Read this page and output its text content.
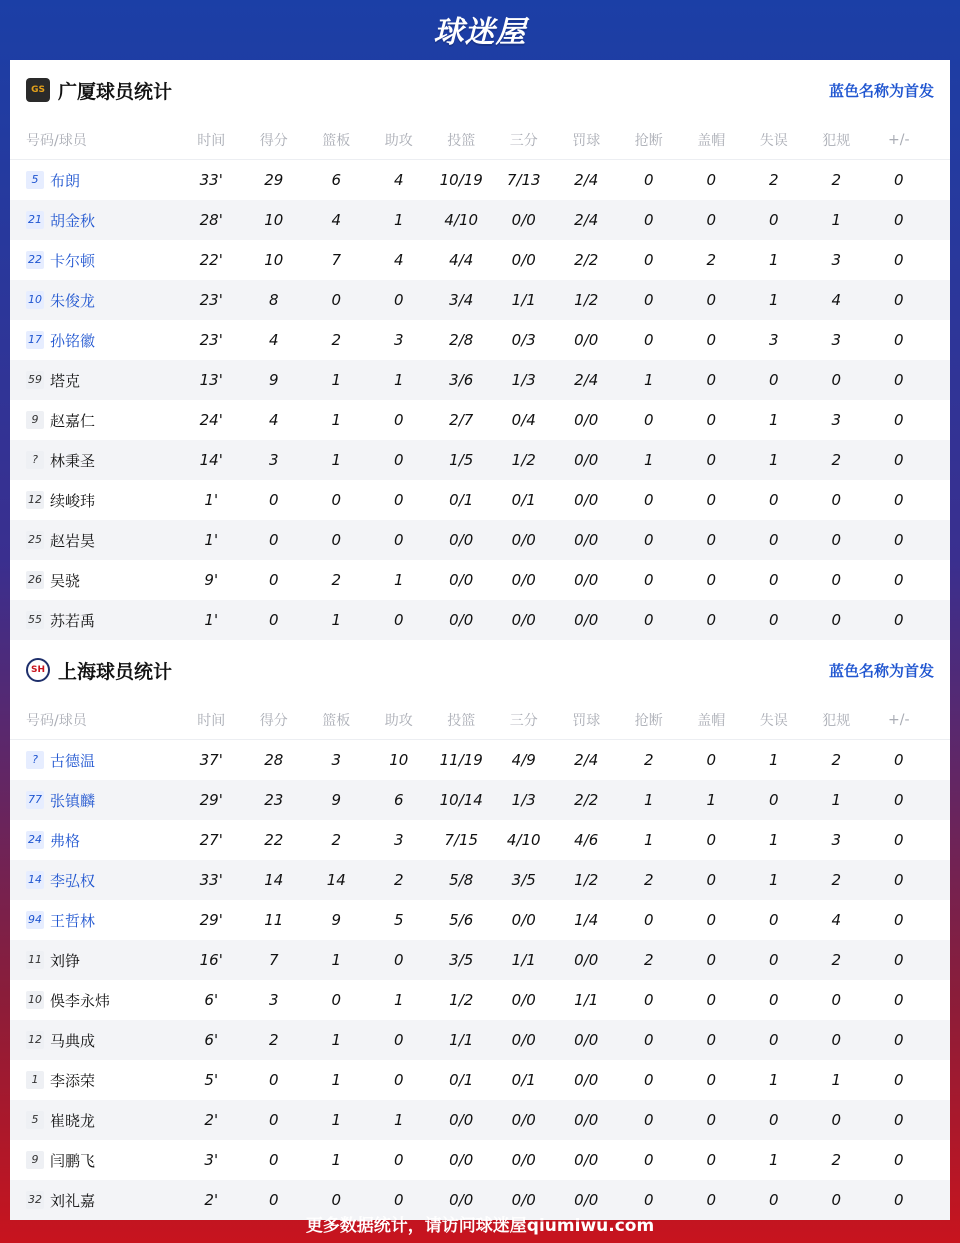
球迷屋
GS 广厦球员统计	蓝色名称为首发
号码/球员	时间	得分	篮板	助攻	投篮	三分	罚球	抢断	盖帽	失误	犯规	+/-
5 布朗	33'	29	6	4	10/19	7/13	2/4	0	0	2	2	0
21 胡金秋	28'	10	4	1	4/10	0/0	2/4	0	0	0	1	0
22 卡尔顿	22'	10	7	4	4/4	0/0	2/2	0	2	1	3	0
10 朱俊龙	23'	8	0	0	3/4	1/1	1/2	0	0	1	4	0
17 孙铭徽	23'	4	2	3	2/8	0/3	0/0	0	0	3	3	0
59 塔克	13'	9	1	1	3/6	1/3	2/4	1	0	0	0	0
9 赵嘉仁	24'	4	1	0	2/7	0/4	0/0	0	0	1	3	0
? 林秉圣	14'	3	1	0	1/5	1/2	0/0	1	0	1	2	0
12 续峻玮	1'	0	0	0	0/1	0/1	0/0	0	0	0	0	0
25 赵岩昊	1'	0	0	0	0/0	0/0	0/0	0	0	0	0	0
26 吴骁	9'	0	2	1	0/0	0/0	0/0	0	0	0	0	0
55 苏若禹	1'	0	1	0	0/0	0/0	0/0	0	0	0	0	0
SH 上海球员统计	蓝色名称为首发
号码/球员	时间	得分	篮板	助攻	投篮	三分	罚球	抢断	盖帽	失误	犯规	+/-
? 古德温	37'	28	3	10	11/19	4/9	2/4	2	0	1	2	0
77 张镇麟	29'	23	9	6	10/14	1/3	2/2	1	1	0	1	0
24 弗格	27'	22	2	3	7/15	4/10	4/6	1	0	1	3	0
14 李弘权	33'	14	14	2	5/8	3/5	1/2	2	0	1	2	0
94 王哲林	29'	11	9	5	5/6	0/0	1/4	0	0	0	4	0
11 刘铮	16'	7	1	0	3/5	1/1	0/0	2	0	0	2	0
10 俁李永炜	6'	3	0	1	1/2	0/0	1/1	0	0	0	0	0
12 马典成	6'	2	1	0	1/1	0/0	0/0	0	0	0	0	0
1 李添荣	5'	0	1	0	0/1	0/1	0/0	0	0	1	1	0
5 崔晓龙	2'	0	1	1	0/0	0/0	0/0	0	0	0	0	0
9 闫鹏飞	3'	0	1	0	0/0	0/0	0/0	0	0	1	2	0
32 刘礼嘉	2'	0	0	0	0/0	0/0	0/0	0	0	0	0	0
更多数据统计，请访问球迷屋qiumiwu.com
